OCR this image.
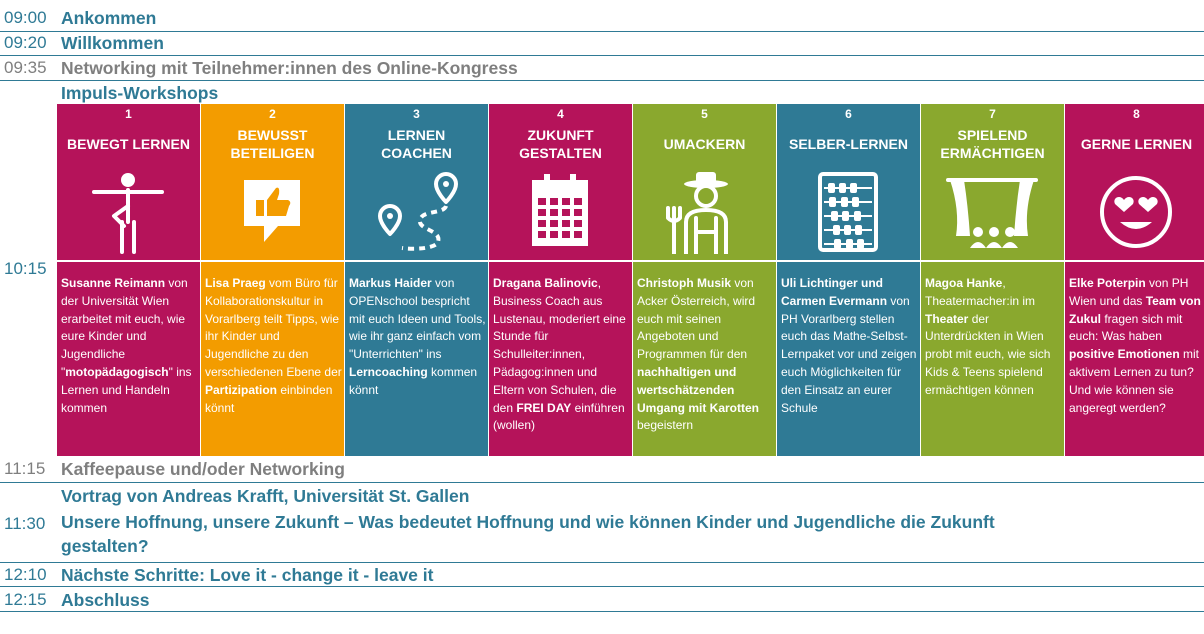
09:00 Ankommen
09:20 Willkommen
09:35 Networking mit Teilnehmer:innen des Online-Kongress
Impuls-Workshops
10:15
1
BEWEGT LERNEN
Susanne Reimann von der Universität Wien erarbeitet mit euch, wie eure Kinder und Jugendliche "motopädagogisch" ins Lernen und Handeln kommen
2
BEWUSST
BETEILIGEN
Lisa Praeg vom Büro für Kollaborationskultur in Vorarlberg teilt Tipps, wie ihr Kinder und Jugendliche zu den verschiedenen Ebene der Partizipation einbinden könnt
3
LERNEN
COACHEN
Markus Haider von OPENschool bespricht mit euch Ideen und Tools, wie ihr ganz einfach vom "Unterrichten" ins Lerncoaching kommen könnt
4
ZUKUNFT
GESTALTEN
Dragana Balinovic, Business Coach aus Lustenau, moderiert eine Stunde für Schulleiter:innen, Pädagog:innen und Eltern von Schulen, die den FREI DAY einführen (wollen)
5
UMACKERN
Christoph Musik von Acker Österreich, wird euch mit seinen Angeboten und Programmen für den nachhaltigen und wertschätzenden Umgang mit Karotten begeistern
6
SELBER-LERNEN
Uli Lichtinger und Carmen Evermann von PH Vorarlberg stellen euch das Mathe-Selbst-Lernpaket vor und zeigen euch Möglichkeiten für den Einsatz an eurer Schule
7
SPIELEND
ERMÄCHTIGEN
Magoa Hanke, Theatermacher:in im Theater der Unterdrückten in Wien probt mit euch, wie sich Kids & Teens spielend ermächtigen können
8
GERNE LERNEN
Elke Poterpin von PH Wien und das Team von Zukul fragen sich mit euch: Was haben positive Emotionen mit aktivem Lernen zu tun? Und wie können sie angeregt werden?
11:15 Kaffeepause und/oder Networking
Vortrag von Andreas Krafft, Universität St. Gallen
11:30 Unsere Hoffnung, unsere Zukunft – Was bedeutet Hoffnung und wie können Kinder und Jugendliche die Zukunft
gestalten?
12:10 Nächste Schritte: Love it - change it - leave it
12:15 Abschluss
